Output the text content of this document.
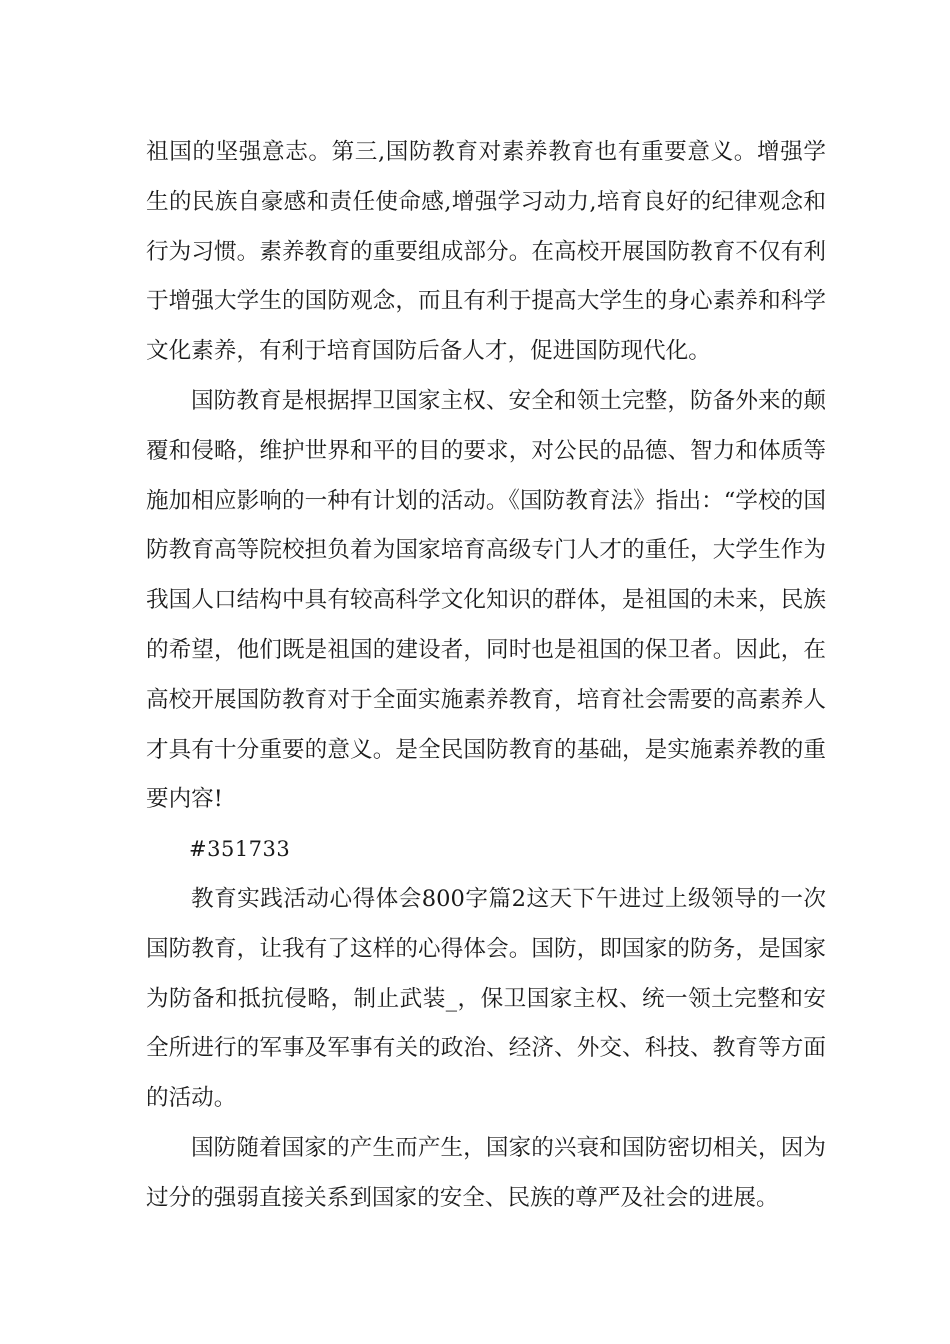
祖国的坚强意志。第三,国防教育对素养教育也有重要意义。增强学生的民族自豪感和责任使命感,增强学习动力,培育良好的纪律观念和行为习惯。素养教育的重要组成部分。在高校开展国防教育不仅有利于增强大学生的国防观念，而且有利于提高大学生的身心素养和科学文化素养，有利于培育国防后备人才，促进国防现代化。

国防教育是根据捍卫国家主权、安全和领土完整，防备外来的颠覆和侵略，维护世界和平的目的要求，对公民的品德、智力和体质等施加相应影响的一种有计划的活动。《国防教育法》指出：“学校的国防教育高等院校担负着为国家培育高级专门人才的重任，大学生作为我国人口结构中具有较高科学文化知识的群体，是祖国的未来，民族的希望，他们既是祖国的建设者，同时也是祖国的保卫者。因此，在高校开展国防教育对于全面实施素养教育，培育社会需要的高素养人才具有十分重要的意义。是全民国防教育的基础，是实施素养教的重要内容!

#351733

教育实践活动心得体会800字篇2这天下午进过上级领导的一次国防教育，让我有了这样的心得体会。国防，即国家的防务，是国家为防备和抵抗侵略，制止武装_，保卫国家主权、统一领土完整和安全所进行的军事及军事有关的政治、经济、外交、科技、教育等方面的活动。

国防随着国家的产生而产生，国家的兴衰和国防密切相关，因为过分的强弱直接关系到国家的安全、民族的尊严及社会的进展。
